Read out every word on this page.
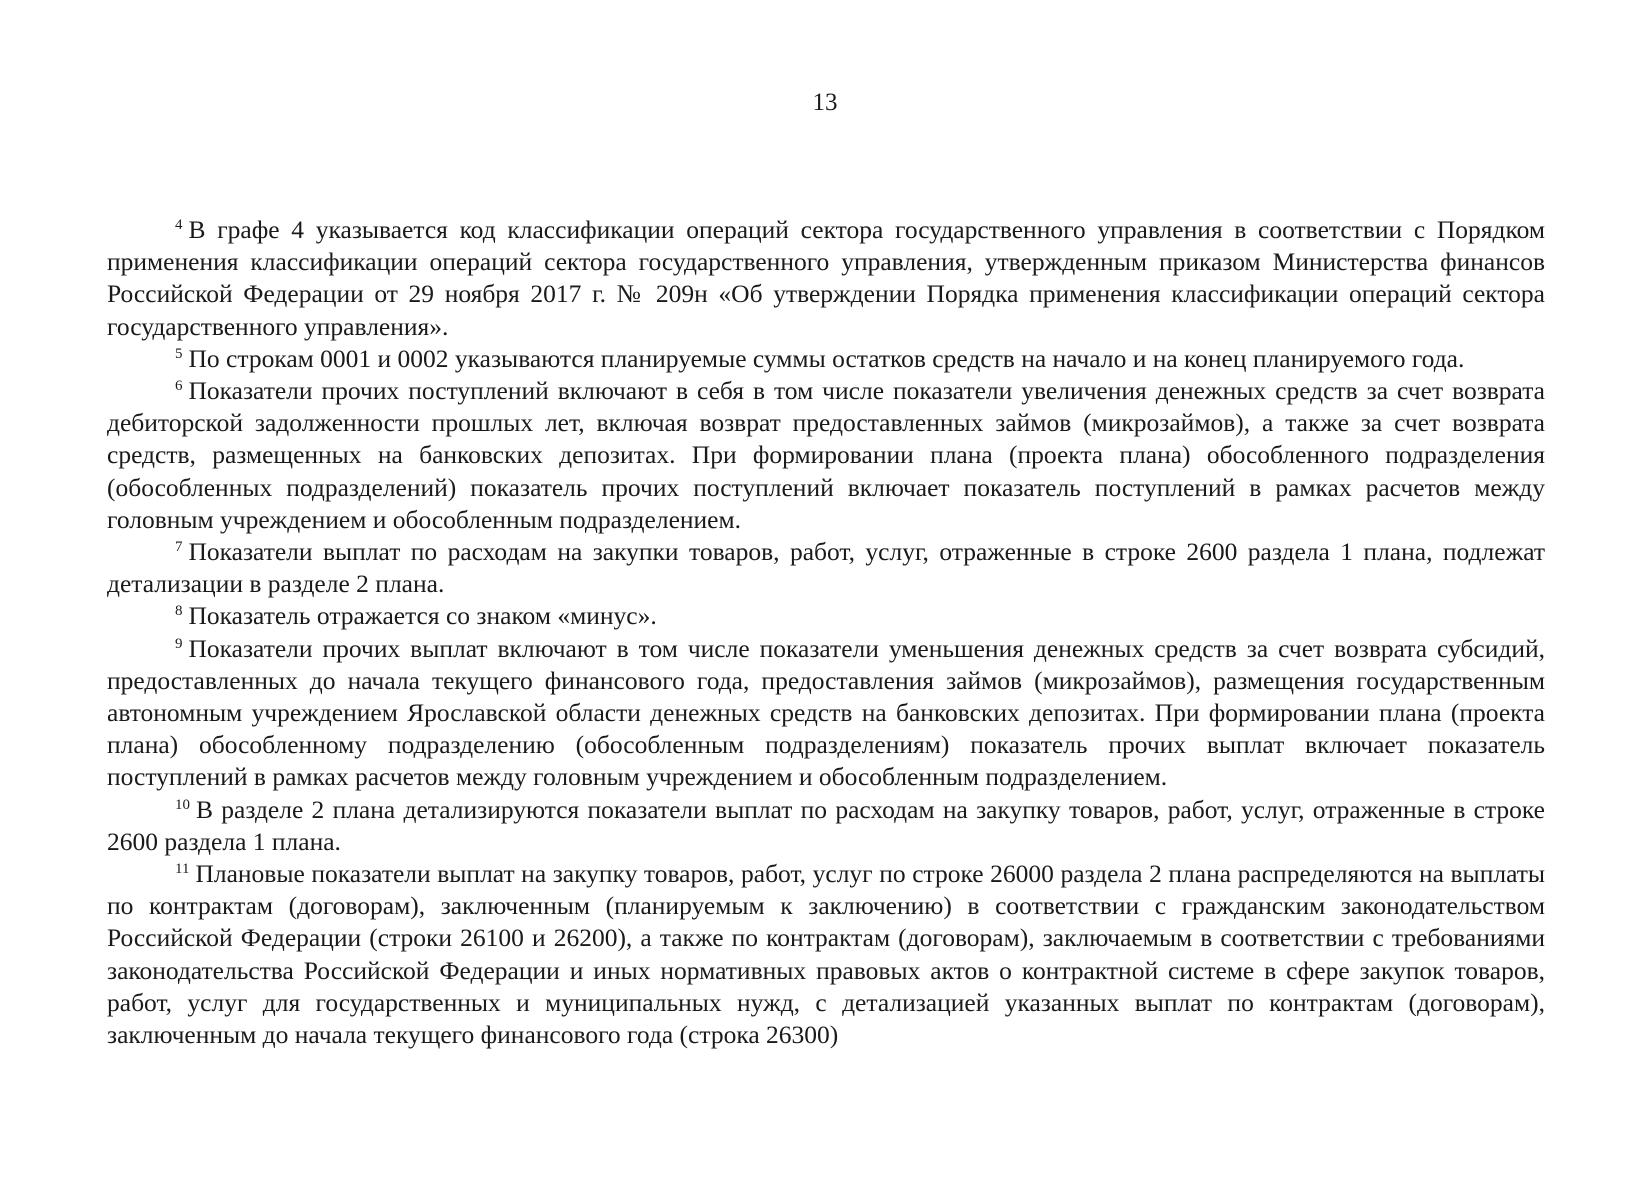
13

$^4$ В графе 4 указывается код классификации операций сектора государственного управления в соответствии с Порядком применения классификации операций сектора государственного управления, утвержденным приказом Министерства финансов Российской Федерации от 29 ноября 2017 г. № 209н «Об утверждении Порядка применения классификации операций сектора государственного управления».

$^5$ По строкам 0001 и 0002 указываются планируемые суммы остатков средств на начало и на конец планируемого года.

$^6$ Показатели прочих поступлений включают в себя в том числе показатели увеличения денежных средств за счет возврата дебиторской задолженности прошлых лет, включая возврат предоставленных займов (микрозаймов), а также за счет возврата средств, размещенных на банковских депозитах. При формировании плана (проекта плана) обособленного подразделения (обособленных подразделений) показатель прочих поступлений включает показатель поступлений в рамках расчетов между головным учреждением и обособленным подразделением.

$^7$ Показатели выплат по расходам на закупки товаров, работ, услуг, отраженные в строке 2600 раздела 1 плана, подлежат детализации в разделе 2 плана.

$^8$ Показатель отражается со знаком «минус».

$^9$ Показатели прочих выплат включают в том числе показатели уменьшения денежных средств за счет возврата субсидий, предоставленных до начала текущего финансового года, предоставления займов (микрозаймов), размещения государственным автономным учреждением Ярославской области денежных средств на банковских депозитах. При формировании плана (проекта плана) обособленному подразделению (обособленным подразделениям) показатель прочих выплат включает показатель поступлений в рамках расчетов между головным учреждением и обособленным подразделением.

$^{10}$ В разделе 2 плана детализируются показатели выплат по расходам на закупку товаров, работ, услуг, отраженные в строке 2600 раздела 1 плана.

$^{11}$ Плановые показатели выплат на закупку товаров, работ, услуг по строке 26000 раздела 2 плана распределяются на выплаты по контрактам (договорам), заключенным (планируемым к заключению) в соответствии с гражданским законодательством Российской Федерации (строки 26100 и 26200), а также по контрактам (договорам), заключаемым в соответствии с требованиями законодательства Российской Федерации и иных нормативных правовых актов о контрактной системе в сфере закупок товаров, работ, услуг для государственных и муниципальных нужд, с детализацией указанных выплат по контрактам (договорам), заключенным до начала текущего финансового года (строка 26300)
